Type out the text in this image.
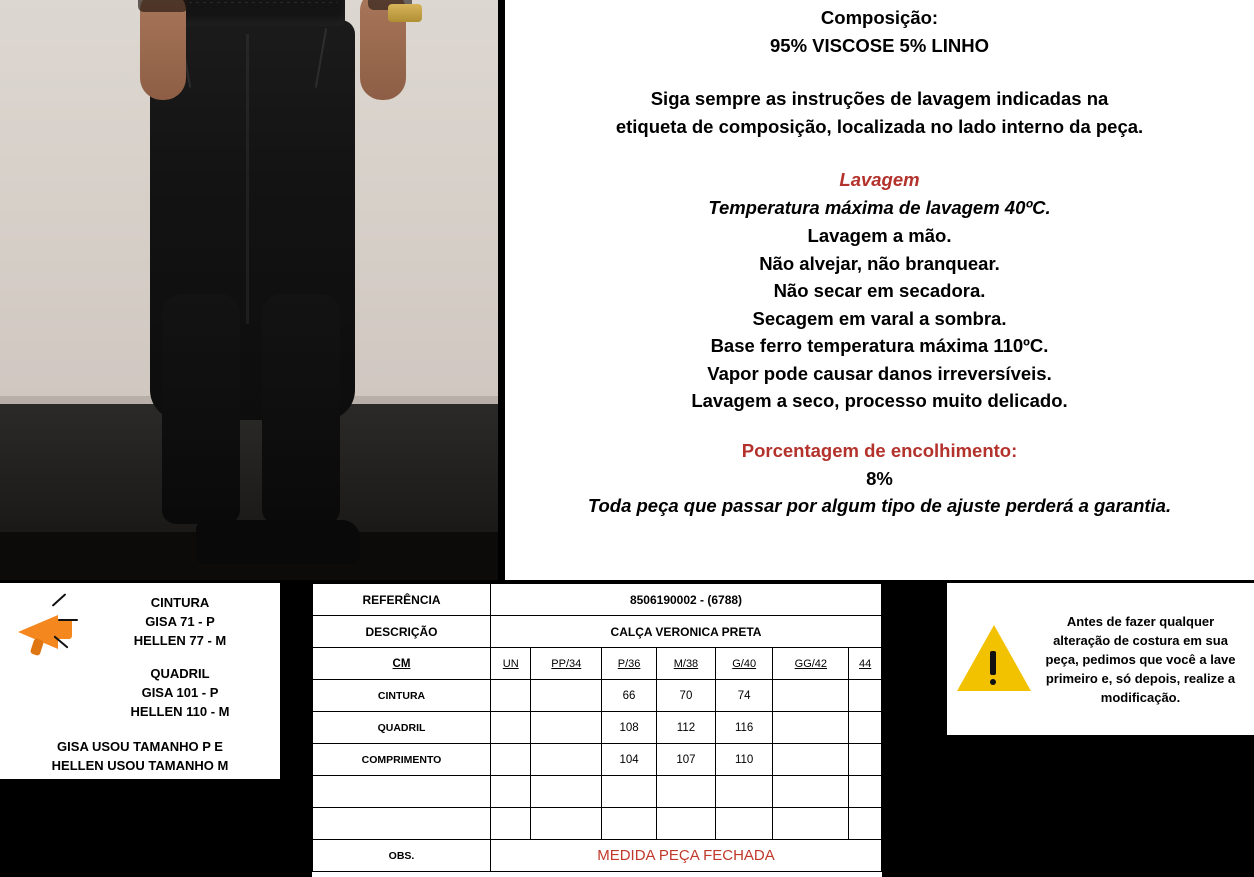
Composição:

95% VISCOSE 5% LINHO

Siga sempre as instruções de lavagem indicadas na

etiqueta de composição, localizada no lado interno da peça.

Lavagem

Temperatura máxima de lavagem 40ºC.

Lavagem a mão.

Não alvejar, não branquear.

Não secar em secadora.

Secagem em varal a sombra.

Base ferro temperatura máxima 110ºC.

Vapor pode causar danos irreversíveis.

Lavagem a seco, processo muito delicado.

Porcentagem de encolhimento:

8%

Toda peça que passar por algum tipo de ajuste perderá a garantia.

CINTURA
GISA 71 - P
HELLEN 77 - M
QUADRIL
GISA 101 - P
HELLEN 110 - M
GISA USOU TAMANHO P E
HELLEN USOU TAMANHO M
REFERÊNCIA	8506190002 - (6788)						
DESCRIÇÃO	CALÇA VERONICA PRETA						
CM	UN	PP/34	P/36	M/38	G/40	GG/42	44
CINTURA			66	70	74		
QUADRIL			108	112	116		
COMPRIMENTO			104	107	110		

OBS.	MEDIDA PEÇA FECHADA						
Antes de fazer qualquer alteração de costura em sua peça, pedimos que você a lave primeiro e, só depois, realize a modificação.
